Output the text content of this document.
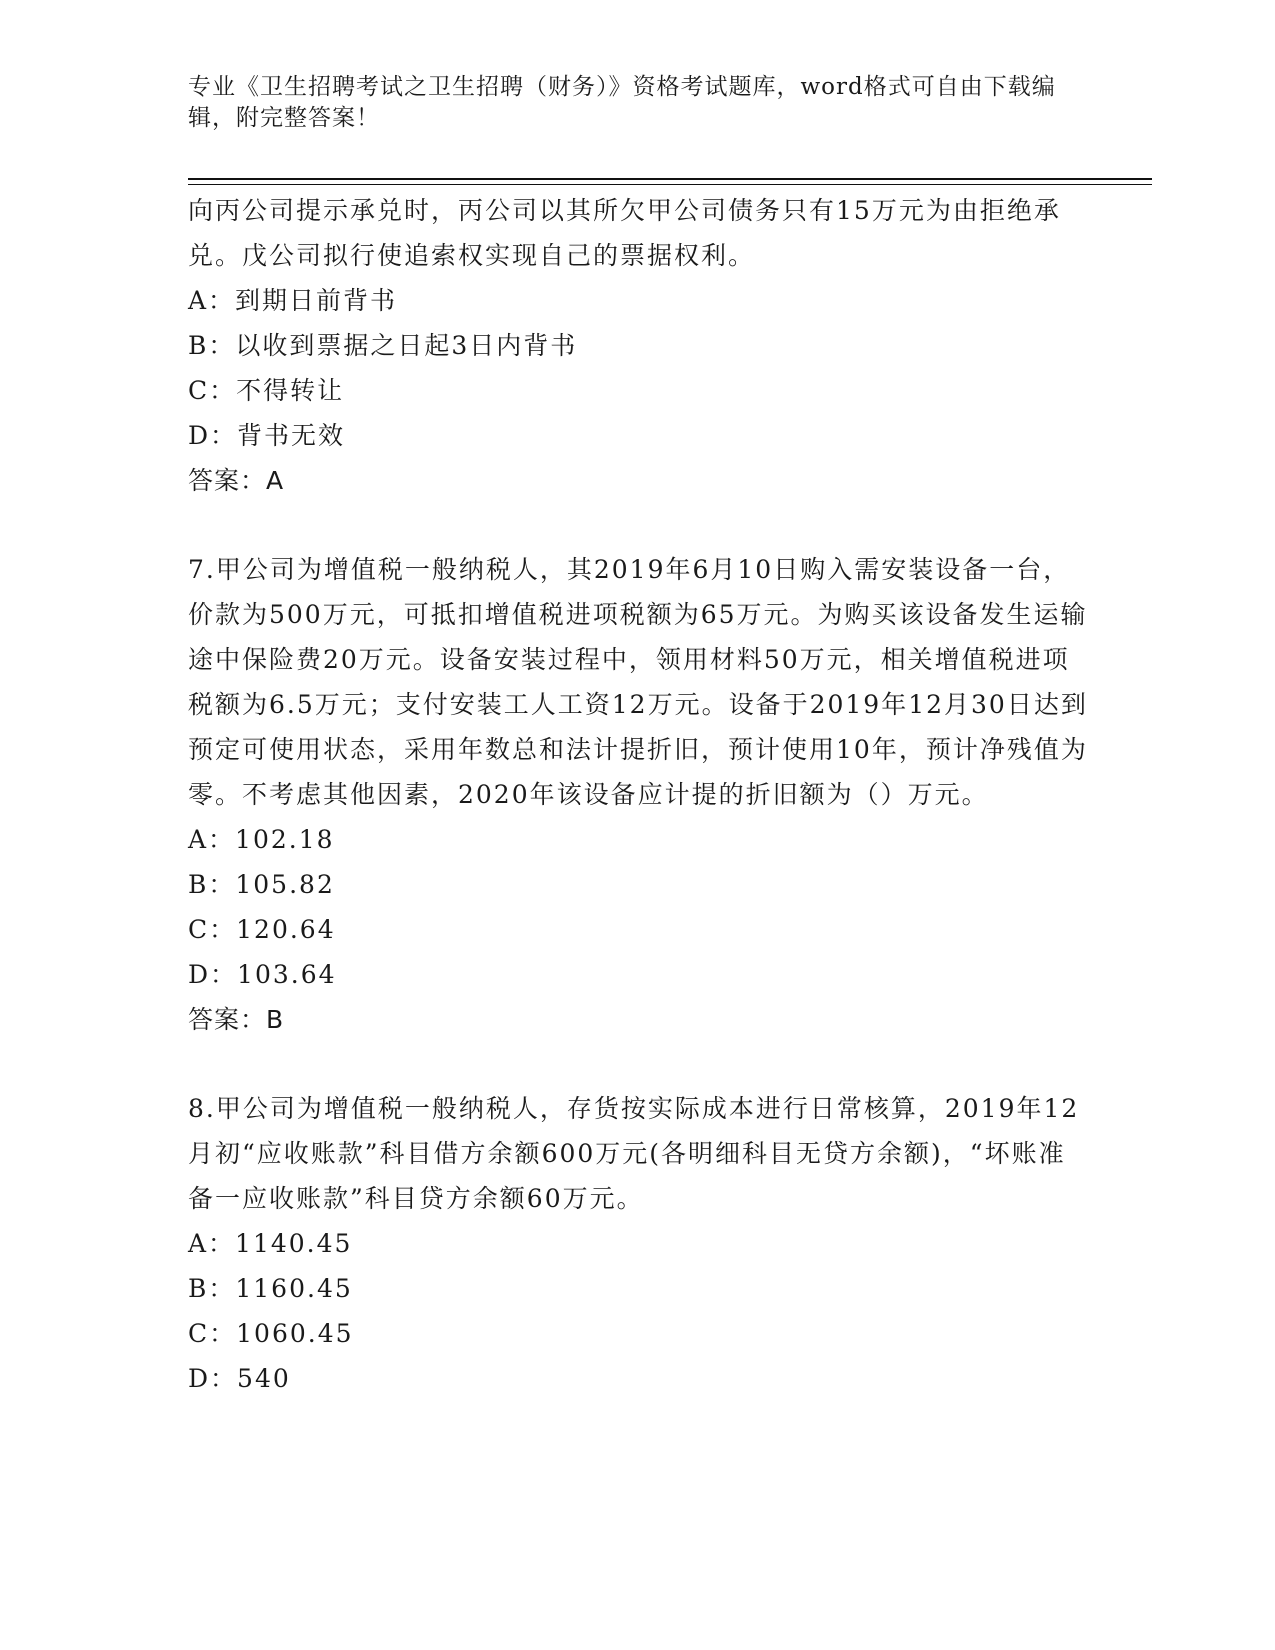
专业《卫生招聘考试之卫生招聘（财务）》资格考试题库，word格式可自由下载编辑，附完整答案！
向丙公司提示承兑时，丙公司以其所欠甲公司债务只有15万元为由拒绝承兑。戊公司拟行使追索权实现自己的票据权利。
A：到期日前背书
B：以收到票据之日起3日内背书
C：不得转让
D：背书无效
答案：A
7.甲公司为增值税一般纳税人，其2019年6月10日购入需安装设备一台，价款为500万元，可抵扣增值税进项税额为65万元。为购买该设备发生运输途中保险费20万元。设备安装过程中，领用材料50万元，相关增值税进项税额为6.5万元；支付安装工人工资12万元。设备于2019年12月30日达到预定可使用状态，采用年数总和法计提折旧，预计使用10年，预计净残值为零。不考虑其他因素，2020年该设备应计提的折旧额为（）万元。
A：102.18
B：105.82
C：120.64
D：103.64
答案：B
8.甲公司为增值税一般纳税人，存货按实际成本进行日常核算，2019年12月初“应收账款”科目借方余额600万元(各明细科目无贷方余额)，“坏账准备一应收账款”科目贷方余额60万元。
A：1140.45
B：1160.45
C：1060.45
D：540
